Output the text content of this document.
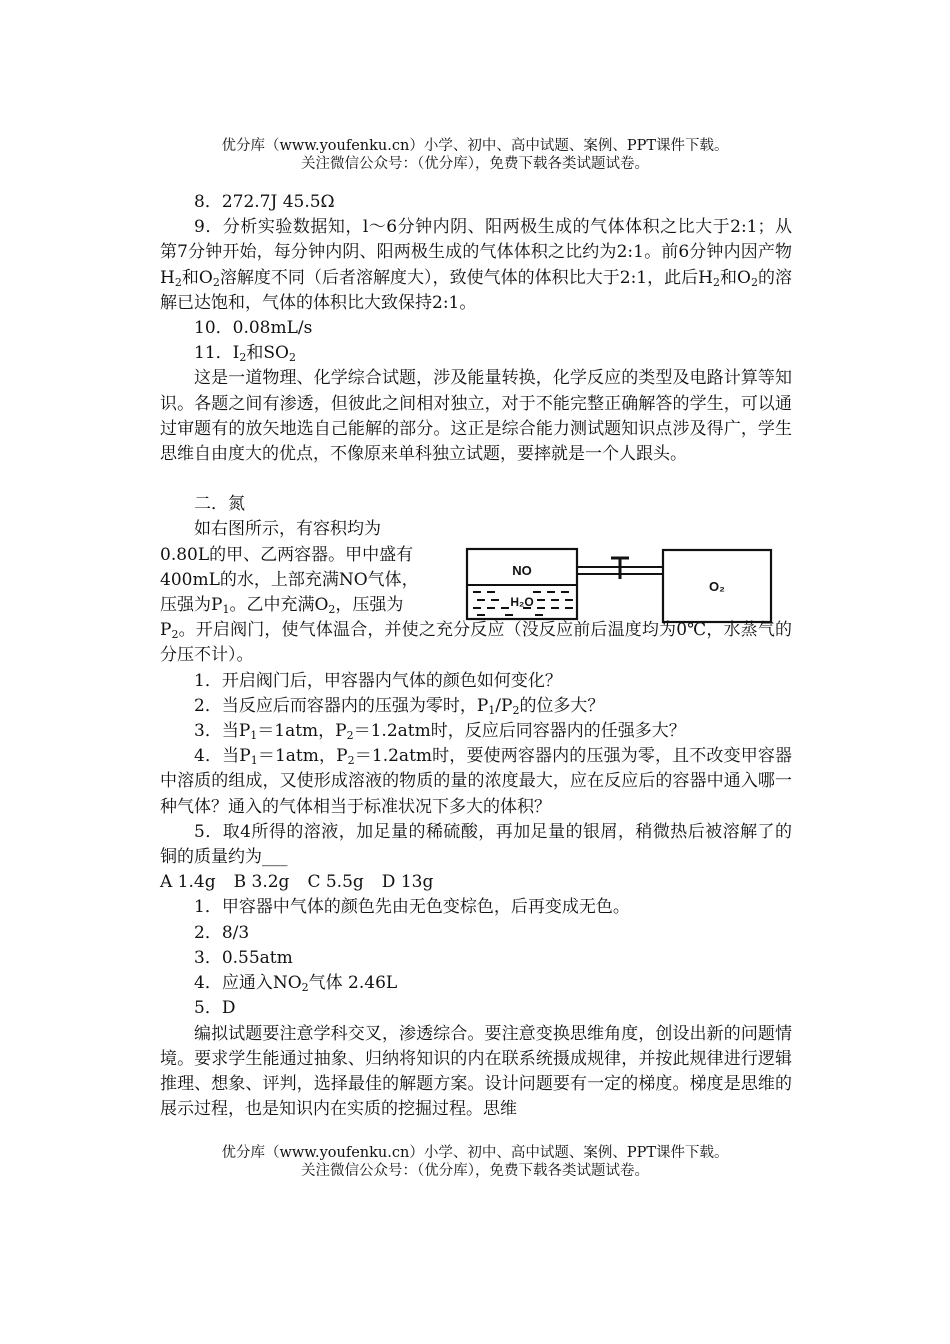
优分库（www.youfenku.cn）小学、初中、高中试题、案例、PPT课件下载。
关注微信公众号：（优分库），免费下载各类试题试卷。

8．272.7J 45.5Ω

9．分析实验数据知，l～6分钟内阴、阳两极生成的气体体积之比大于2:1；从第7分钟开始，每分钟内阴、阳两极生成的气体体积之比约为2:1。前6分钟内因产物$H_2$和$O_2$溶解度不同（后者溶解度大），致使气体的体积比大于2:1，此后$H_2$和$O_2$的溶解已达饱和，气体的体积比大致保持2:1。

10．0.08mL/s

11．$I_2$和$SO_2$

这是一道物理、化学综合试题，涉及能量转换，化学反应的类型及电路计算等知识。各题之间有渗透，但彼此之间相对独立，对于不能完整正确解答的学生，可以通过审题有的放矢地选自己能解的部分。这正是综合能力测试题知识点涉及得广，学生思维自由度大的优点，不像原来单科独立试题，要摔就是一个人跟头。

二．氮

如右图所示，有容积均为

0.80L的甲、乙两容器。甲中盛有

400mL的水，上部充满NO气体，

压强为$P_1$。乙中充满$O_2$，压强为

$P_2$。开启阀门，使气体温合，并使之充分反应（没反应前后温度均为0℃，水蒸气的分压不计）。

1．开启阀门后，甲容器内气体的颜色如何变化？

2．当反应后而容器内的压强为零时，$P_1/P_2$的位多大？

3．当$P_1=1atm$，$P_2=1.2atm$时，反应后同容器内的任强多大？

4．当$P_1=1atm$，$P_2=1.2atm$时，要使两容器内的压强为零，且不改变甲容器中溶质的组成，又使形成溶液的物质的量的浓度最大，应在反应后的容器中通入哪一种气体？通入的气体相当于标准状况下多大的体积？

5．取4所得的溶液，加足量的稀硫酸，再加足量的银屑，稍微热后被溶解了的铜的质量约为___

A 1.4g B 3.2g C 5.5g D 13g

1．甲容器中气体的颜色先由无色变棕色，后再变成无色。

2．8/3

3．0.55atm

4．应通入$NO_2$气体 2.46L

5．D

编拟试题要注意学科交叉，渗透综合。要注意变换思维角度，创设出新的问题情境。要求学生能通过抽象、归纳将知识的内在联系统摄成规律，并按此规律进行逻辑推理、想象、评判，选择最佳的解题方案。设计问题要有一定的梯度。梯度是思维的展示过程，也是知识内在实质的挖掘过程。思维

NO
H₂O
O₂
优分库（www.youfenku.cn）小学、初中、高中试题、案例、PPT课件下载。
关注微信公众号：（优分库），免费下载各类试题试卷。
